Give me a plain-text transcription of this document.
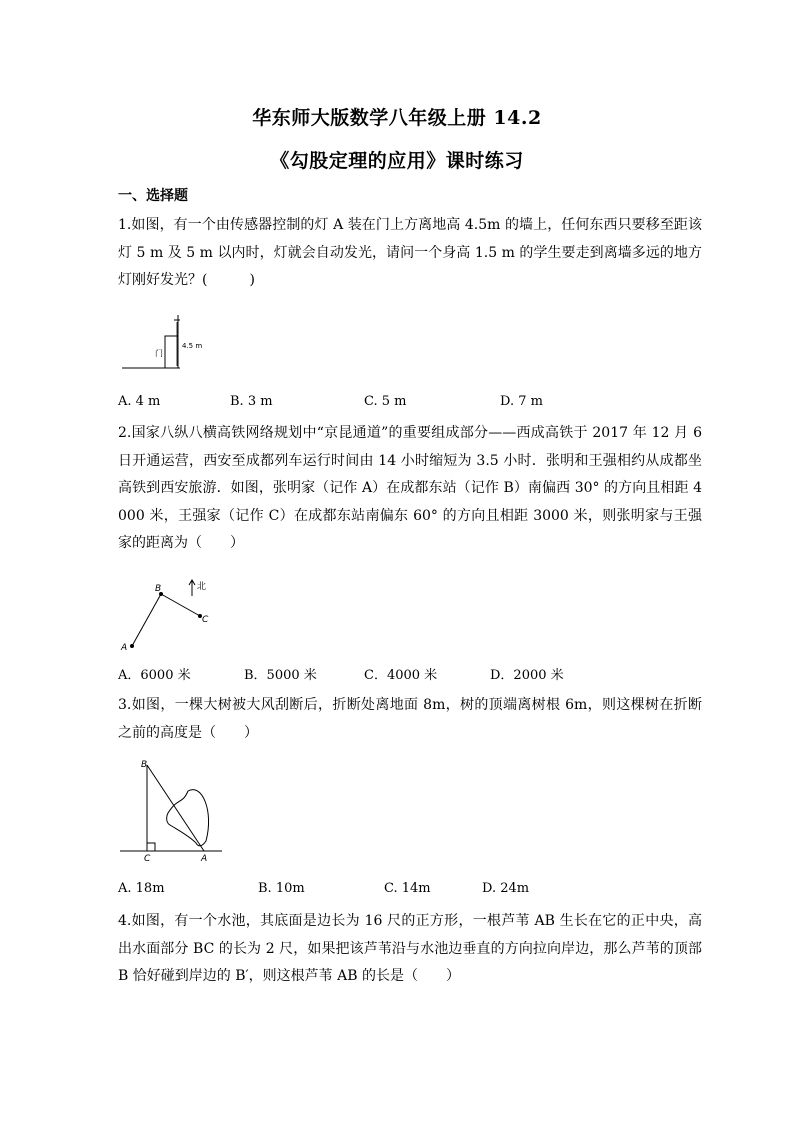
华东师大版数学八年级上册 14.2
《勾股定理的应用》课时练习
一、选择题
1.如图，有一个由传感器控制的灯 A 装在门上方离地高 4.5m 的墙上，任何东西只要移至距该灯 5 m 及 5 m 以内时，灯就会自动发光，请问一个身高 1.5 m 的学生要走到离墙多远的地方灯刚好发光？(　　　)
门
4.5 m
A. 4 m	B. 3 m	C. 5 m	D. 7 m
2.国家八纵八横高铁网络规划中“京昆通道”的重要组成部分——西成高铁于 2017 年 12 月 6 日开通运营，西安至成都列车运行时间由 14 小时缩短为 3.5 小时．张明和王强相约从成都坐高铁到西安旅游．如图，张明家（记作 A）在成都东站（记作 B）南偏西 30° 的方向且相距 4000 米，王强家（记作 C）在成都东站南偏东 60° 的方向且相距 3000 米，则张明家与王强家的距离为（　　）
A
B
C
北
A．6000 米	B．5000 米	C．4000 米	D．2000 米
3.如图，一棵大树被大风刮断后，折断处离地面 8m，树的顶端离树根 6m，则这棵树在折断之前的高度是（　　）
B
C	A
A. 18m	B. 10m	C. 14m	D. 24m
4.如图，有一个水池，其底面是边长为 16 尺的正方形，一根芦苇 AB 生长在它的正中央，高出水面部分 BC 的长为 2 尺，如果把该芦苇沿与水池边垂直的方向拉向岸边，那么芦苇的顶部 B 恰好碰到岸边的 B′，则这根芦苇 AB 的长是（　　）
